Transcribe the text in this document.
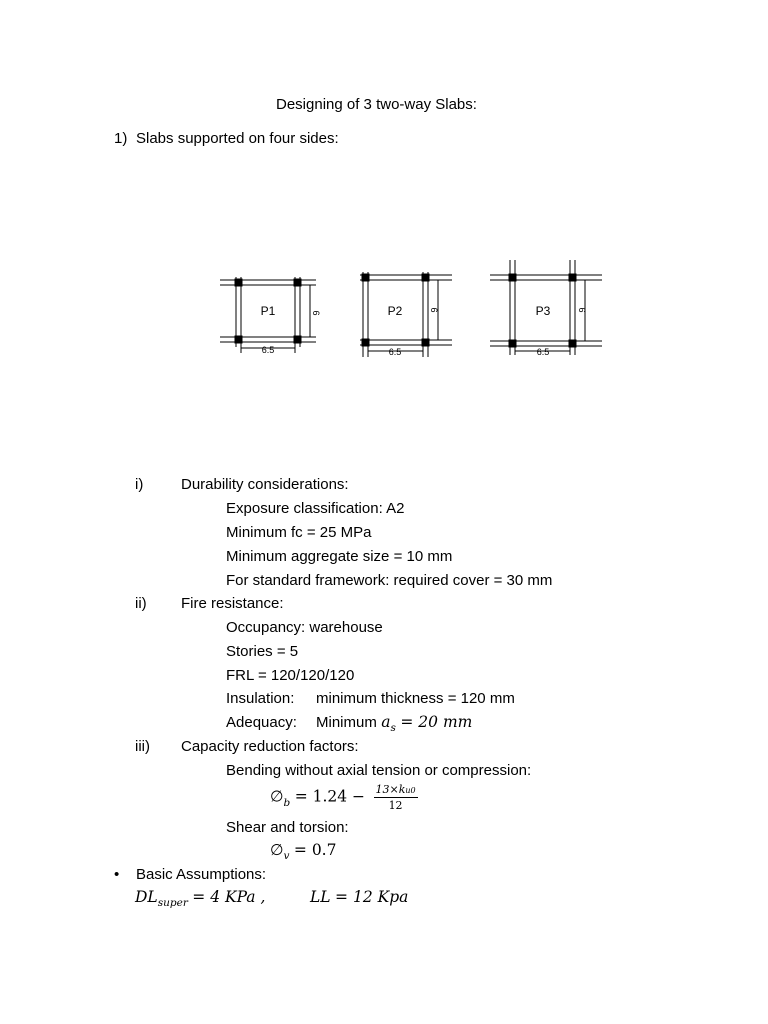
Designing of 3 two-way Slabs:
1) Slabs supported on four sides:
P1
6.5
6	P2
6.5
6	P3
6.5
6
i)	Durability considerations:
Exposure classification: A2
Minimum fc = 25 MPa
Minimum aggregate size = 10 mm
For standard framework: required cover = 30 mm
ii) Fire resistance:
Occupancy: warehouse
Stories = 5
FRL = 120/120/120
Insulation: minimum thickness = 120 mm
Adequacy: Minimum $a_s = 20$ mm
iii) Capacity reduction factors:
Bending without axial tension or compression:
$\emptyset_b = 1.24 - \frac{13\times ku0}{12}$
Shear and torsion:
$\emptyset_v = 0.7$
• Basic Assumptions:
$DL_{super} = 4$ KPa ,	LL = 12 Kpa
